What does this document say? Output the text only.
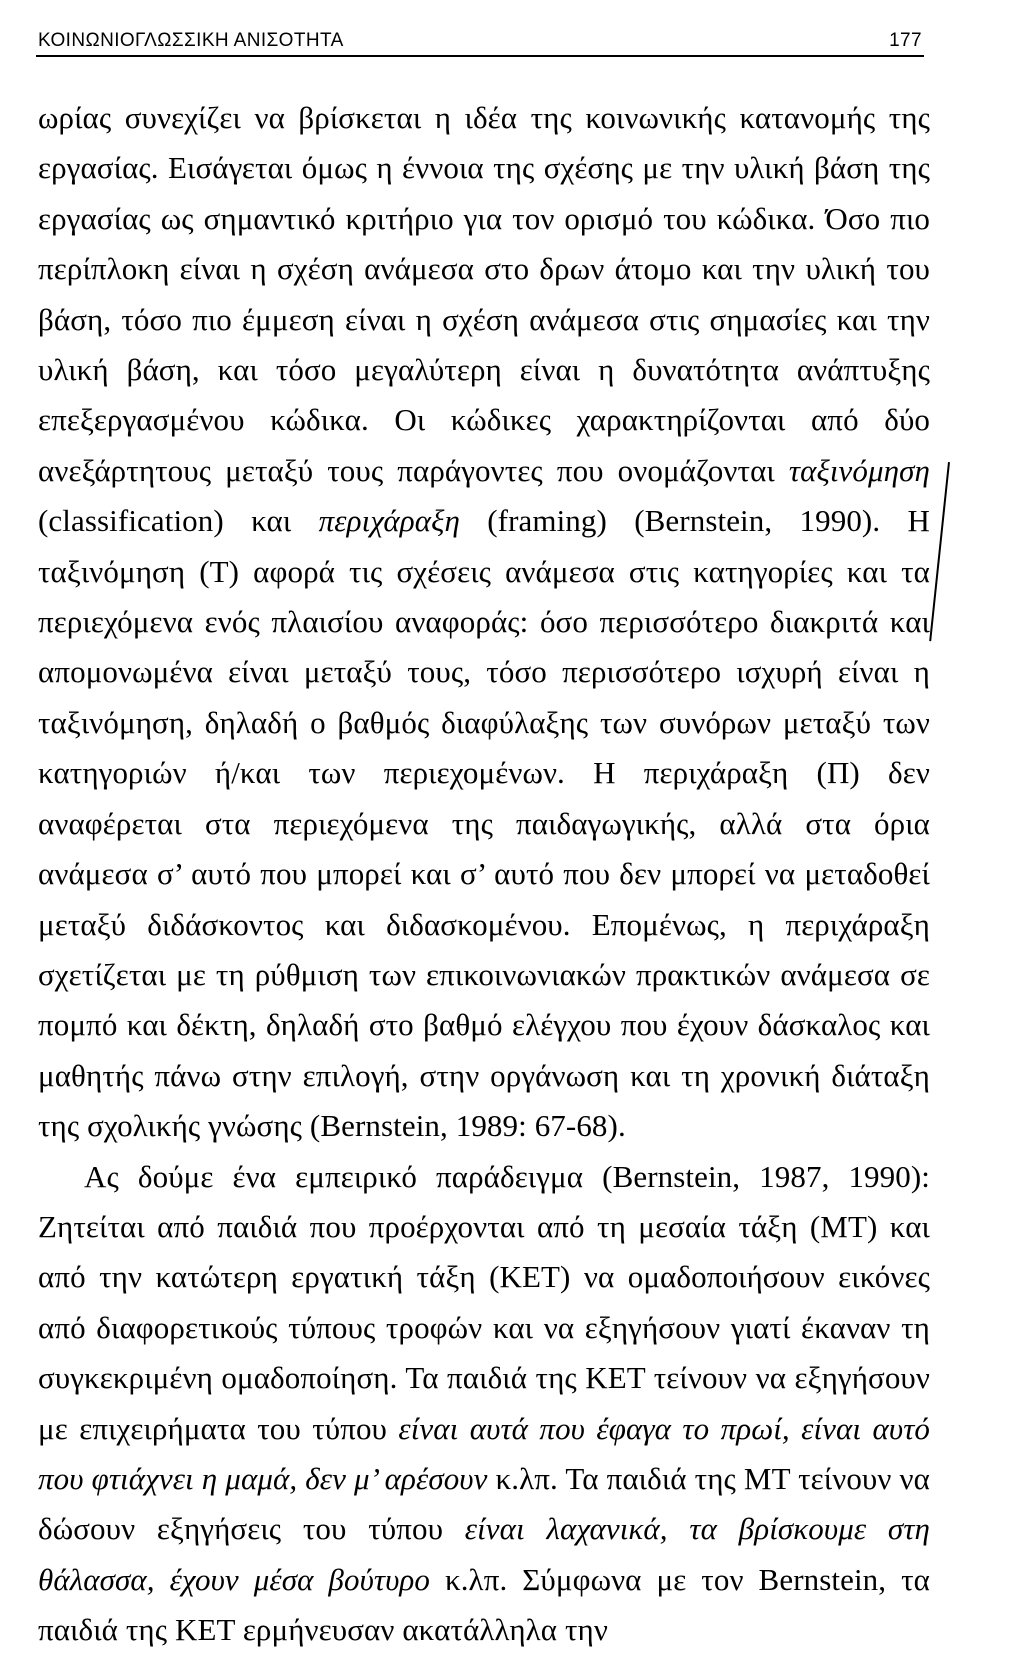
ΚΟΙΝΩΝΙΟΓΛΩΣΣΙΚΗ ΑΝΙΣΟΤΗΤΑ	177

ωρίας συνεχίζει να βρίσκεται η ιδέα της κοινωνικής κατανομής της εργασίας. Εισάγεται όμως η έννοια της σχέσης με την υλική βάση της εργασίας ως σημαντικό κριτήριο για τον ορισμό του κώδικα. Όσο πιο περίπλοκη είναι η σχέση ανάμεσα στο δρων άτομο και την υλική του βάση, τόσο πιο έμμεση είναι η σχέση ανάμεσα στις σημασίες και την υλική βάση, και τόσο μεγαλύτερη είναι η δυνατότητα ανάπτυξης επεξεργασμένου κώδικα. Οι κώδικες χαρακτηρίζονται από δύο ανεξάρτητους μεταξύ τους παράγοντες που ονομάζονται ταξινόμηση (classification) και περιχάραξη (framing) (Bernstein, 1990). Η ταξινόμηση (Τ) αφορά τις σχέσεις ανάμεσα στις κατηγορίες και τα περιεχόμενα ενός πλαισίου αναφοράς: όσο περισσότερο διακριτά και απομονωμένα είναι μεταξύ τους, τόσο περισσότερο ισχυρή είναι η ταξινόμηση, δηλαδή ο βαθμός διαφύλαξης των συνόρων μεταξύ των κατηγοριών ή/και των περιεχομένων. Η περιχάραξη (Π) δεν αναφέρεται στα περιεχόμενα της παιδαγωγικής, αλλά στα όρια ανάμεσα σ’ αυτό που μπορεί και σ’ αυτό που δεν μπορεί να μεταδοθεί μεταξύ διδάσκοντος και διδασκομένου. Επομένως, η περιχάραξη σχετίζεται με τη ρύθμιση των επικοινωνιακών πρακτικών ανάμεσα σε πομπό και δέκτη, δηλαδή στο βαθμό ελέγχου που έχουν δάσκαλος και μαθητής πάνω στην επιλογή, στην οργάνωση και τη χρονική διάταξη της σχολικής γνώσης (Bernstein, 1989: 67-68).

Ας δούμε ένα εμπειρικό παράδειγμα (Bernstein, 1987, 1990): Ζητείται από παιδιά που προέρχονται από τη μεσαία τάξη (ΜΤ) και από την κατώτερη εργατική τάξη (ΚΕΤ) να ομαδοποιήσουν εικόνες από διαφορετικούς τύπους τροφών και να εξηγήσουν γιατί έκαναν τη συγκεκριμένη ομαδοποίηση. Τα παιδιά της ΚΕΤ τείνουν να εξηγήσουν με επιχειρήματα του τύπου είναι αυτά που έφαγα το πρωί, είναι αυτό που φτιάχνει η μαμά, δεν μ’ αρέσουν κ.λπ. Τα παιδιά της ΜΤ τείνουν να δώσουν εξηγήσεις του τύπου είναι λαχανικά, τα βρίσκουμε στη θάλασσα, έχουν μέσα βούτυρο κ.λπ. Σύμφωνα με τον Bernstein, τα παιδιά της ΚΕΤ ερμήνευσαν ακατάλληλα την
